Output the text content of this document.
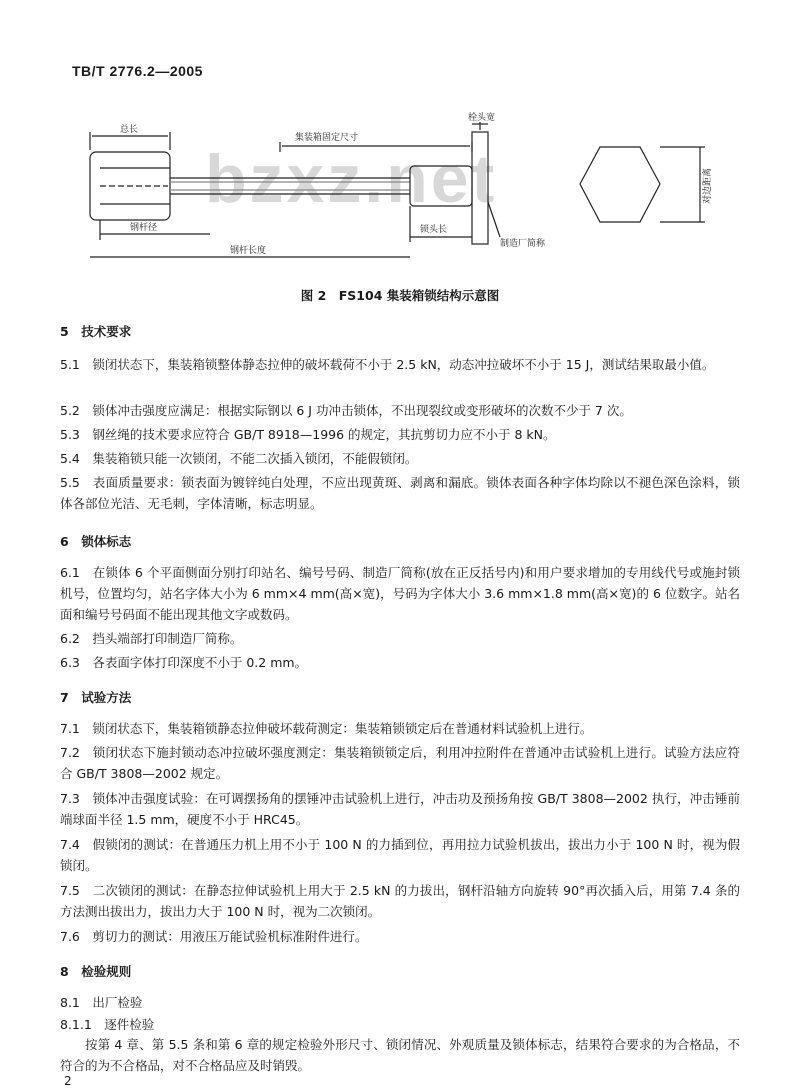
TB/T 2776.2—2005
bzxz.net
总长
集装箱固定尺寸
钢杆径
钢杆长度
锁头长
栓头宽
制造厂简称
对边距离
图 2　FS104 集装箱锁结构示意图
5　技术要求
5.1　锁闭状态下，集装箱锁整体静态拉伸的破坏载荷不小于 2.5 kN，动态冲拉破坏不小于 15 J，测试结果取最小值。
5.2　锁体冲击强度应满足：根据实际钢以 6 J 功冲击锁体，不出现裂纹或变形破坏的次数不少于 7 次。
5.3　钢丝绳的技术要求应符合 GB/T 8918—1996 的规定，其抗剪切力应不小于 8 kN。
5.4　集装箱锁只能一次锁闭，不能二次插入锁闭，不能假锁闭。
5.5　表面质量要求：锁表面为镀锌纯白处理，不应出现黄斑、剥离和漏底。锁体表面各种字体均除以不褪色深色涂料，锁体各部位光洁、无毛刺，字体清晰，标志明显。
6　锁体标志
6.1　在锁体 6 个平面侧面分别打印站名、编号号码、制造厂简称(放在正反括号内)和用户要求增加的专用线代号或施封锁机号，位置均匀，站名字体大小为 6 mm×4 mm(高×宽)，号码为字体大小 3.6 mm×1.8 mm(高×宽)的 6 位数字。站名面和编号号码面不能出现其他文字或数码。
6.2　挡头端部打印制造厂简称。
6.3　各表面字体打印深度不小于 0.2 mm。
7　试验方法
7.1　锁闭状态下，集装箱锁静态拉伸破坏载荷测定：集装箱锁锁定后在普通材料试验机上进行。
7.2　锁闭状态下施封锁动态冲拉破坏强度测定：集装箱锁锁定后，利用冲拉附件在普通冲击试验机上进行。试验方法应符合 GB/T 3808—2002 规定。
7.3　锁体冲击强度试验：在可调摆扬角的摆锤冲击试验机上进行，冲击功及预扬角按 GB/T 3808—2002 执行，冲击锤前端球面半径 1.5 mm，硬度不小于 HRC45。
7.4　假锁闭的测试：在普通压力机上用不小于 100 N 的力插到位，再用拉力试验机拔出，拔出力小于 100 N 时，视为假锁闭。
7.5　二次锁闭的测试：在静态拉伸试验机上用大于 2.5 kN 的力拔出，钢杆沿轴方向旋转 90°再次插入后，用第 7.4 条的方法测出拔出力，拔出力大于 100 N 时，视为二次锁闭。
7.6　剪切力的测试：用液压万能试验机标准附件进行。
8　检验规则
8.1　出厂检验
8.1.1　逐件检验
按第 4 章、第 5.5 条和第 6 章的规定检验外形尺寸、锁闭情况、外观质量及锁体标志，结果符合要求的为合格品，不符合的为不合格品，对不合格品应及时销毁。
2
